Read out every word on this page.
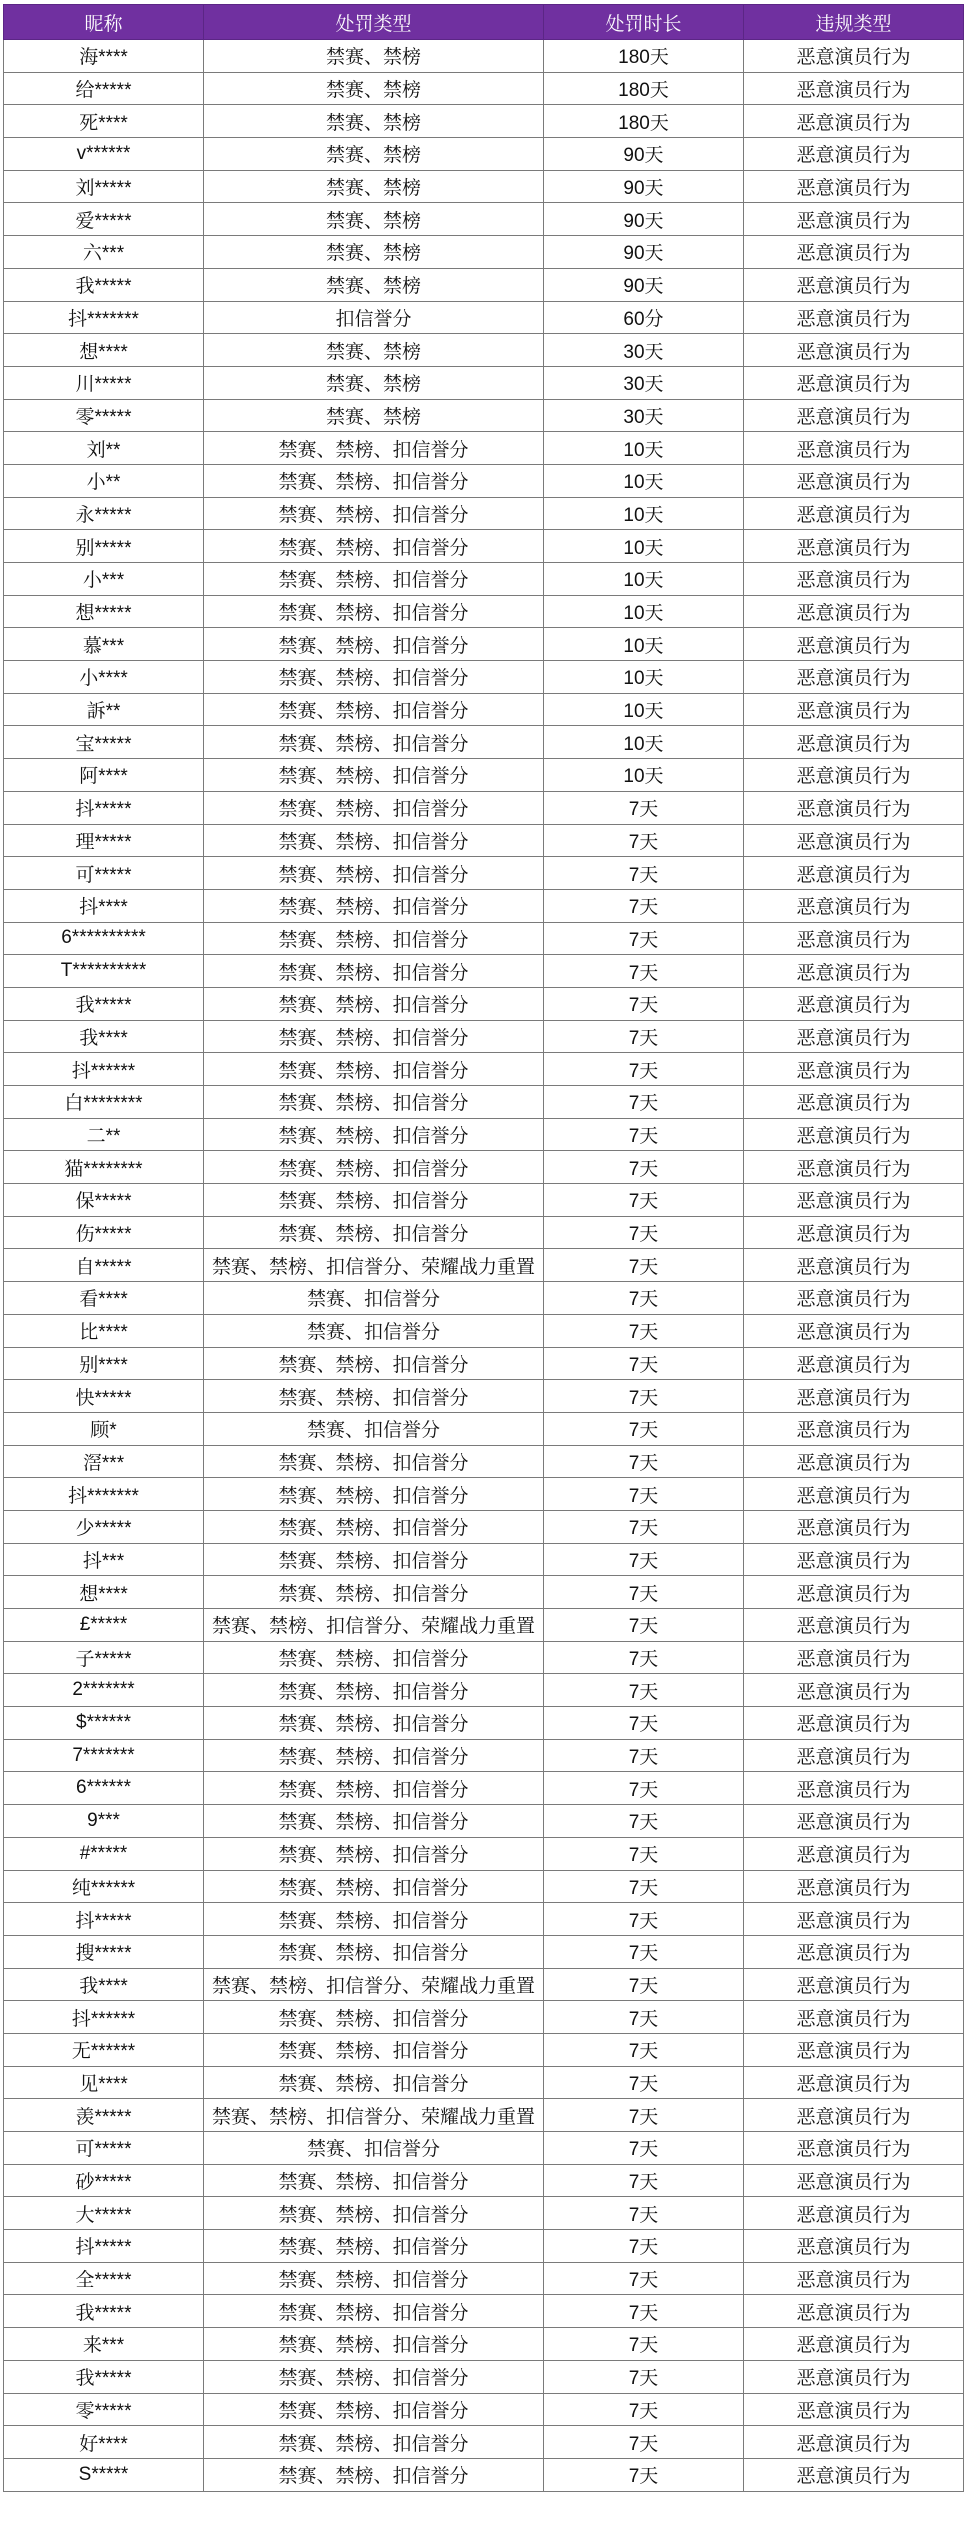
昵称	处罚类型	处罚时长	违规类型
海****	禁赛、禁榜	180天	恶意演员行为
给*****	禁赛、禁榜	180天	恶意演员行为
死****	禁赛、禁榜	180天	恶意演员行为
v******	禁赛、禁榜	90天	恶意演员行为
刘*****	禁赛、禁榜	90天	恶意演员行为
爱*****	禁赛、禁榜	90天	恶意演员行为
六***	禁赛、禁榜	90天	恶意演员行为
我*****	禁赛、禁榜	90天	恶意演员行为
抖*******	扣信誉分	60分	恶意演员行为
想****	禁赛、禁榜	30天	恶意演员行为
川*****	禁赛、禁榜	30天	恶意演员行为
零*****	禁赛、禁榜	30天	恶意演员行为
刘**	禁赛、禁榜、扣信誉分	10天	恶意演员行为
小**	禁赛、禁榜、扣信誉分	10天	恶意演员行为
永*****	禁赛、禁榜、扣信誉分	10天	恶意演员行为
别*****	禁赛、禁榜、扣信誉分	10天	恶意演员行为
小***	禁赛、禁榜、扣信誉分	10天	恶意演员行为
想*****	禁赛、禁榜、扣信誉分	10天	恶意演员行为
慕***	禁赛、禁榜、扣信誉分	10天	恶意演员行为
小****	禁赛、禁榜、扣信誉分	10天	恶意演员行为
訴**	禁赛、禁榜、扣信誉分	10天	恶意演员行为
宝*****	禁赛、禁榜、扣信誉分	10天	恶意演员行为
阿****	禁赛、禁榜、扣信誉分	10天	恶意演员行为
抖*****	禁赛、禁榜、扣信誉分	7天	恶意演员行为
理*****	禁赛、禁榜、扣信誉分	7天	恶意演员行为
可*****	禁赛、禁榜、扣信誉分	7天	恶意演员行为
抖****	禁赛、禁榜、扣信誉分	7天	恶意演员行为
6**********	禁赛、禁榜、扣信誉分	7天	恶意演员行为
T**********	禁赛、禁榜、扣信誉分	7天	恶意演员行为
我*****	禁赛、禁榜、扣信誉分	7天	恶意演员行为
我****	禁赛、禁榜、扣信誉分	7天	恶意演员行为
抖******	禁赛、禁榜、扣信誉分	7天	恶意演员行为
白********	禁赛、禁榜、扣信誉分	7天	恶意演员行为
二**	禁赛、禁榜、扣信誉分	7天	恶意演员行为
猫********	禁赛、禁榜、扣信誉分	7天	恶意演员行为
保*****	禁赛、禁榜、扣信誉分	7天	恶意演员行为
伤*****	禁赛、禁榜、扣信誉分	7天	恶意演员行为
自*****	禁赛、禁榜、扣信誉分、荣耀战力重置	7天	恶意演员行为
看****	禁赛、扣信誉分	7天	恶意演员行为
比****	禁赛、扣信誉分	7天	恶意演员行为
别****	禁赛、禁榜、扣信誉分	7天	恶意演员行为
快*****	禁赛、禁榜、扣信誉分	7天	恶意演员行为
顾*	禁赛、扣信誉分	7天	恶意演员行为
滘***	禁赛、禁榜、扣信誉分	7天	恶意演员行为
抖*******	禁赛、禁榜、扣信誉分	7天	恶意演员行为
少*****	禁赛、禁榜、扣信誉分	7天	恶意演员行为
抖***	禁赛、禁榜、扣信誉分	7天	恶意演员行为
想****	禁赛、禁榜、扣信誉分	7天	恶意演员行为
£*****	禁赛、禁榜、扣信誉分、荣耀战力重置	7天	恶意演员行为
子*****	禁赛、禁榜、扣信誉分	7天	恶意演员行为
2*******	禁赛、禁榜、扣信誉分	7天	恶意演员行为
$******	禁赛、禁榜、扣信誉分	7天	恶意演员行为
7*******	禁赛、禁榜、扣信誉分	7天	恶意演员行为
6******	禁赛、禁榜、扣信誉分	7天	恶意演员行为
9***	禁赛、禁榜、扣信誉分	7天	恶意演员行为
#*****	禁赛、禁榜、扣信誉分	7天	恶意演员行为
纯******	禁赛、禁榜、扣信誉分	7天	恶意演员行为
抖*****	禁赛、禁榜、扣信誉分	7天	恶意演员行为
搜*****	禁赛、禁榜、扣信誉分	7天	恶意演员行为
我****	禁赛、禁榜、扣信誉分、荣耀战力重置	7天	恶意演员行为
抖******	禁赛、禁榜、扣信誉分	7天	恶意演员行为
无******	禁赛、禁榜、扣信誉分	7天	恶意演员行为
见****	禁赛、禁榜、扣信誉分	7天	恶意演员行为
羡*****	禁赛、禁榜、扣信誉分、荣耀战力重置	7天	恶意演员行为
可*****	禁赛、扣信誉分	7天	恶意演员行为
砂*****	禁赛、禁榜、扣信誉分	7天	恶意演员行为
大*****	禁赛、禁榜、扣信誉分	7天	恶意演员行为
抖*****	禁赛、禁榜、扣信誉分	7天	恶意演员行为
全*****	禁赛、禁榜、扣信誉分	7天	恶意演员行为
我*****	禁赛、禁榜、扣信誉分	7天	恶意演员行为
来***	禁赛、禁榜、扣信誉分	7天	恶意演员行为
我*****	禁赛、禁榜、扣信誉分	7天	恶意演员行为
零*****	禁赛、禁榜、扣信誉分	7天	恶意演员行为
好****	禁赛、禁榜、扣信誉分	7天	恶意演员行为
S*****	禁赛、禁榜、扣信誉分	7天	恶意演员行为
